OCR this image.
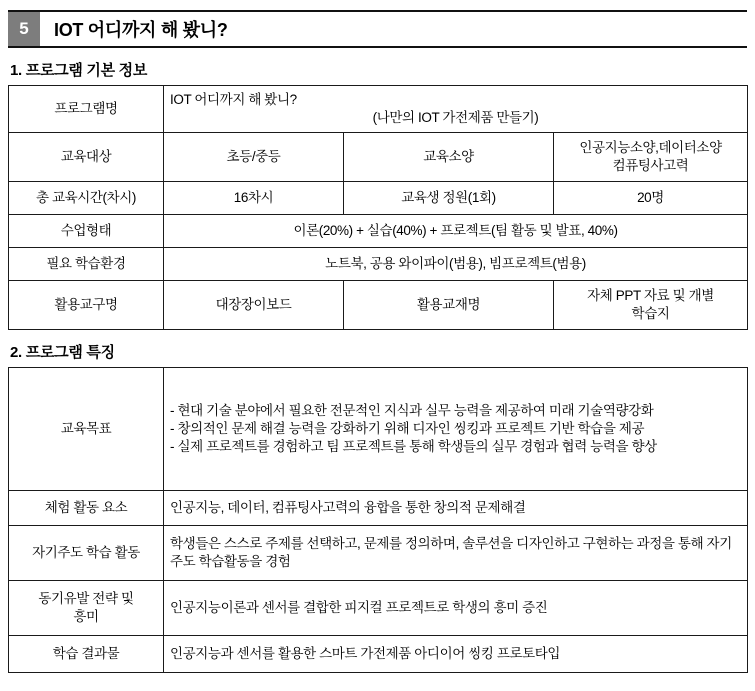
5	IOT 어디까지 해 봤니?
1. 프로그램 기본 정보
프로그램명	IOT 어디까지 해 봤니?
(나만의 IOT 가전제품 만들기)		

교육대상	초등/중등	교육소양	인공지능소양,데이터소양
컴퓨팅사고력

총 교육시간(차시)	16차시	교육생 정원(1회)	20명
수업형태	이론(20%) + 실습(40%) + 프로젝트(팀 활동 및 발표, 40%)		
필요 학습환경	노트북, 공용 와이파이(범용), 빔프로젝트(범용)		
활용교구명	대장장이보드	활용교재명	자체 PPT 자료 및 개별
학습지
2. 프로그램 특징
교육목표	- 현대 기술 분야에서 필요한 전문적인 지식과 실무 능력을 제공하여 미래 기술역량강화
- 창의적인 문제 해결 능력을 강화하기 위해 디자인 씽킹과 프로젝트 기반 학습을 제공
- 실제 프로젝트를 경험하고 팀 프로젝트를 통해 학생들의 실무 경험과 협력 능력을 향상

체험 활동 요소	인공지능, 데이터, 컴퓨팅사고력의 융합을 통한 창의적 문제해결
자기주도 학습 활동	학생들은 스스로 주제를 선택하고, 문제를 정의하며, 솔루션을 디자인하고 구현하는 과정을 통해 자기주도 학습활동을 경험

동기유발 전략 및
흥미	인공지능이론과 센서를 결합한 피지컬 프로젝트로 학생의 흥미 증진
학습 결과물	인공지능과 센서를 활용한 스마트 가전제품 아디이어 씽킹 프로토타입
